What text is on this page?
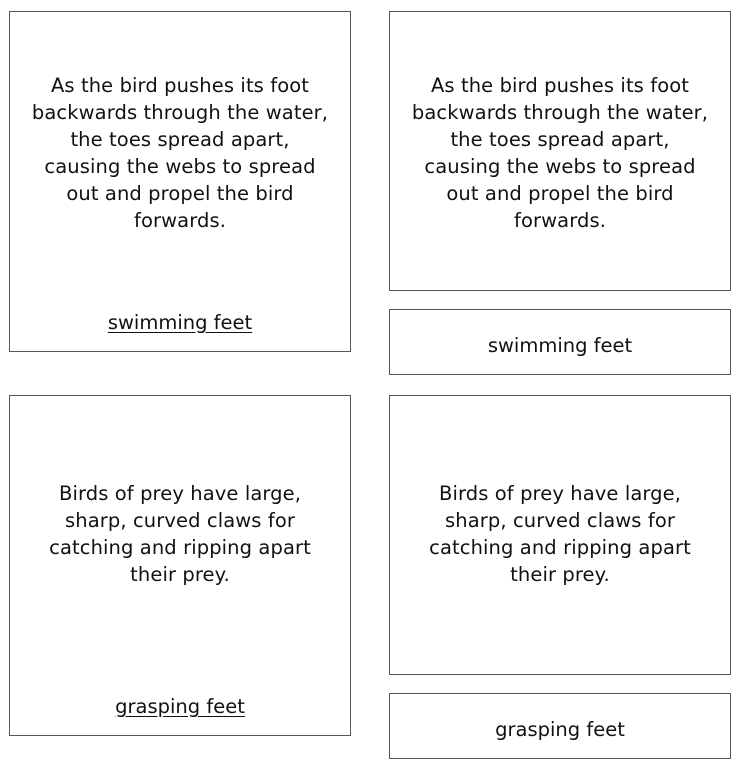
As the bird pushes its foot backwards through the water, the toes spread apart, causing the webs to spread out and propel the bird forwards.
swimming feet
As the bird pushes its foot backwards through the water, the toes spread apart, causing the webs to spread out and propel the bird forwards.
swimming feet
Birds of prey have large, sharp, curved claws for catching and ripping apart their prey.
grasping feet
Birds of prey have large, sharp, curved claws for catching and ripping apart their prey.
grasping feet
